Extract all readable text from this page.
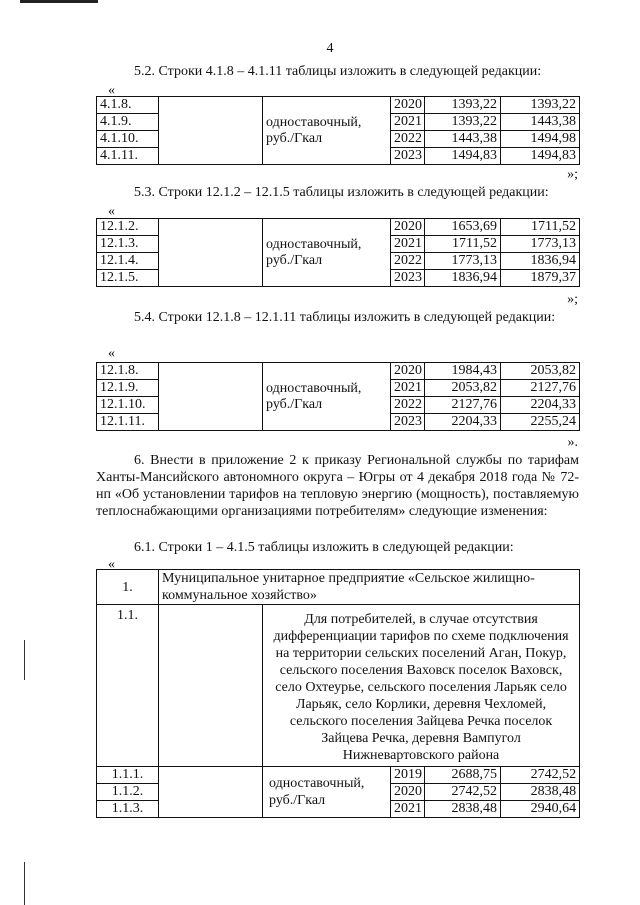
4
5.2. Строки 4.1.8 – 4.1.11 таблицы изложить в следующей редакции:
«
4.1.8.		одноставочный,
руб./Гкал	2020	1393,22	1393,22
4.1.9.			2021	1393,22	1443,38
4.1.10.			2022	1443,38	1494,98
4.1.11.			2023	1494,83	1494,83
»;
5.3. Строки 12.1.2 – 12.1.5 таблицы изложить в следующей редакции:
«
12.1.2.		одноставочный,
руб./Гкал	2020	1653,69	1711,52
12.1.3.			2021	1711,52	1773,13
12.1.4.			2022	1773,13	1836,94
12.1.5.			2023	1836,94	1879,37
»;
5.4. Строки 12.1.8 – 12.1.11 таблицы изложить в следующей редакции:
«
12.1.8.		одноставочный,
руб./Гкал	2020	1984,43	2053,82
12.1.9.			2021	2053,82	2127,76
12.1.10.			2022	2127,76	2204,33
12.1.11.			2023	2204,33	2255,24
».
6. Внести в приложение 2 к приказу Региональной службы по тарифам Ханты-Мансийского автономного округа – Югры от 4 декабря 2018 года № 72-нп «Об установлении тарифов на тепловую энергию (мощность), поставляемую теплоснабжающими организациями потребителям» следующие изменения:
6.1. Строки 1 – 4.1.5 таблицы изложить в следующей редакции:
«
1.	Муниципальное унитарное предприятие «Сельское жилищно-коммунальное хозяйство»				
1.1.		Для потребителей, в случае отсутствия дифференциации тарифов по схеме подключения на территории сельских поселений Аган, Покур, сельского поселения Ваховск поселок Ваховск, село Охтеурье, сельского поселения Ларьяк село Ларьяк, село Корлики, деревня Чехломей, сельского поселения Зайцева Речка поселок Зайцева Речка, деревня Вампугол Нижневартовского района			
1.1.1.		одноставочный,
руб./Гкал	2019	2688,75	2742,52
1.1.2.			2020	2742,52	2838,48
1.1.3.			2021	2838,48	2940,64
